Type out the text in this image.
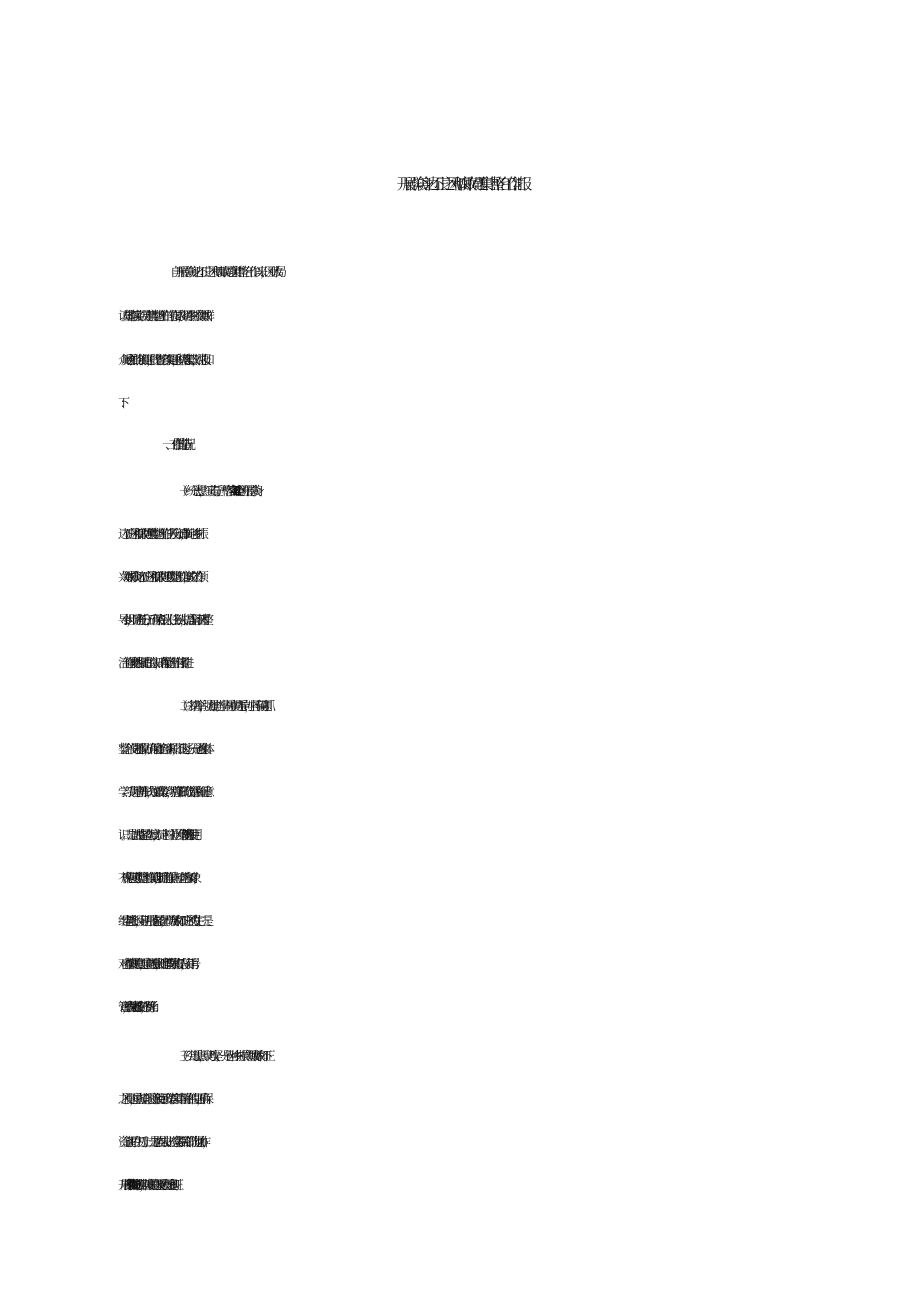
开展群众身边不正之风和腐败问题集中整治工作汇报
自开展群众身边不正之风和腐败问题集中整治工作以来，区财政局
认真贯彻落实上级关于集中整治工作的工作要求，紧盯乡村振兴领域群
众反映强烈的突出问题，找准查实各类问题，积极落实整改，现汇报如
下：
一、工作推进情况
（一）统一思想，压实责任。严格落实《2024年全区开展群众身
边不正之风和腐败问题集中整治工作任务及分工清单》，制定《乡村振
兴领域群众身边不正之风和腐败问题专项整治工作方案》，成立工作领
导小组，明确责任分工，确保责任到人、任务到人，提高全局干部对整
治工作重要性和紧迫性的认识，确保整治工作有序推进。
（二）多措并举，强力推进。牢固树立问题导向，坚持有问题抓
整治、没问题抓预防，确保自查自纠不漏项，不走过场。一是通过集体
学习、专题培训等形式，加强政策学习，增强干部的政治站位和纪律意
识。二是加大监督检查力度，制定《村（社区）集体“三资”管理使用
不规范问题专项整治工作实施计划》，明确工作重点、检查内容和对象，
组建督查小组，定期开展监督检查，严防腐败和不正之风的发生。三是
对自查中发现的问题，建立问题台账，明确整改时限和责任人，实行销号
管理，确保问题整改到位，不留死角。
（三）突出重点，聚力攻坚。一是针对乡村振兴领域腐败和不正
之风问题，重点排查项目资金使用、政策落实等方面存在的问题，确保
资金真正用在刀刃上。二是加强与农业、巡察等相关部门的沟通协作，
开展村集体“三资”领域调研摸排，对发现的问题及时进行处理和纠正。
